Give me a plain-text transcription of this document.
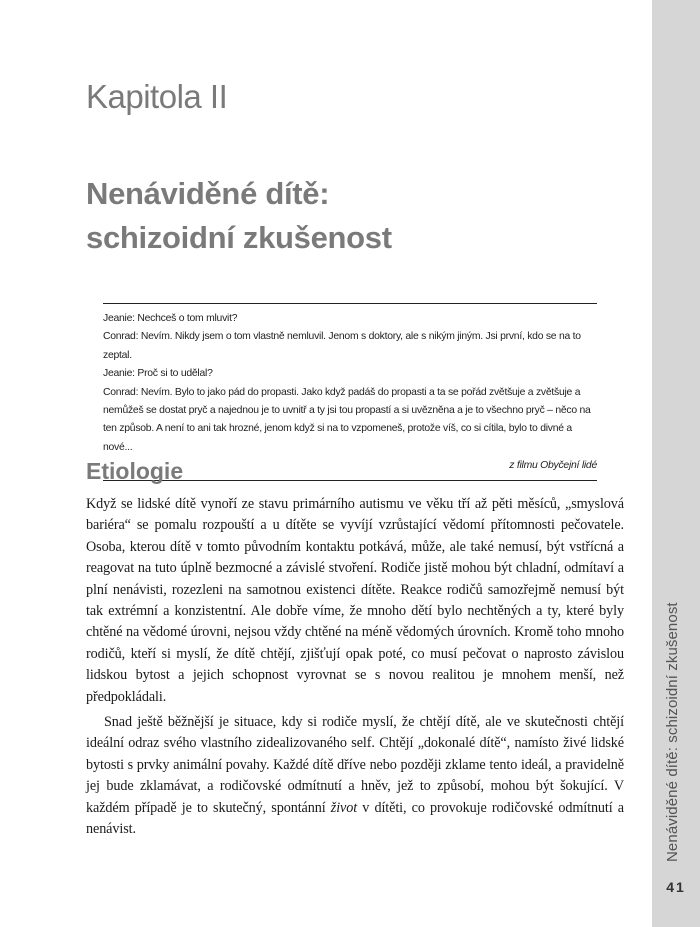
Kapitola II
Nenáviděné dítě:
schizoidní zkušenost

Jeanie: Nechceš o tom mluvit?

Conrad: Nevím. Nikdy jsem o tom vlastně nemluvil. Jenom s doktory, ale s nikým jiným. Jsi první, kdo se na to zeptal.

Jeanie: Proč si to udělal?

Conrad: Nevím. Bylo to jako pád do propasti. Jako když padáš do propasti a ta se pořád zvětšuje a zvětšuje a nemůžeš se dostat pryč a najednou je to uvnitř a ty jsi tou propastí a si uvězněna a je to všechno pryč – něco na ten způsob. A není to ani tak hrozné, jenom když si na to vzpomeneš, protože víš, co si cítila, bylo to divné a nové...

z filmu Obyčejní lidé

Etiologie

Když se lidské dítě vynoří ze stavu primárního autismu ve věku tří až pěti měsíců, „smyslová bariéra“ se pomalu rozpouští a u dítěte se vyvíjí vzrůstající vědomí přítomnosti pečovatele. Osoba, kterou dítě v tomto původním kontaktu potkává, může, ale také nemusí, být vstřícná a reagovat na tuto úplně bezmocné a závislé stvoření. Rodiče jistě mohou být chladní, odmítaví a plní nenávisti, rozezleni na samotnou existenci dítěte. Reakce rodičů samozřejmě nemusí být tak extrémní a konzistentní. Ale dobře víme, že mnoho dětí bylo nechtěných a ty, které byly chtěné na vědomé úrovni, nejsou vždy chtěné na méně vědomých úrovních. Kromě toho mnoho rodičů, kteří si myslí, že dítě chtějí, zjišťují opak poté, co musí pečovat o naprosto závislou lidskou bytost a jejich schopnost vyrovnat se s novou realitou je mnohem menší, než předpokládali.

Snad ještě běžnější je situace, kdy si rodiče myslí, že chtějí dítě, ale ve skutečnosti chtějí ideální odraz svého vlastního zidealizovaného self. Chtějí „dokonalé dítě“, namísto živé lidské bytosti s prvky animální povahy. Každé dítě dříve nebo později zklame tento ideál, a pravidelně jej bude zklamávat, a rodičovské odmítnutí a hněv, jež to způsobí, mohou být šokující. V každém případě je to skutečný, spontánní život v dítěti, co provokuje rodičovské odmítnutí a nenávist.	Nenáviděné dítě: schizoidní zkušenost
41
